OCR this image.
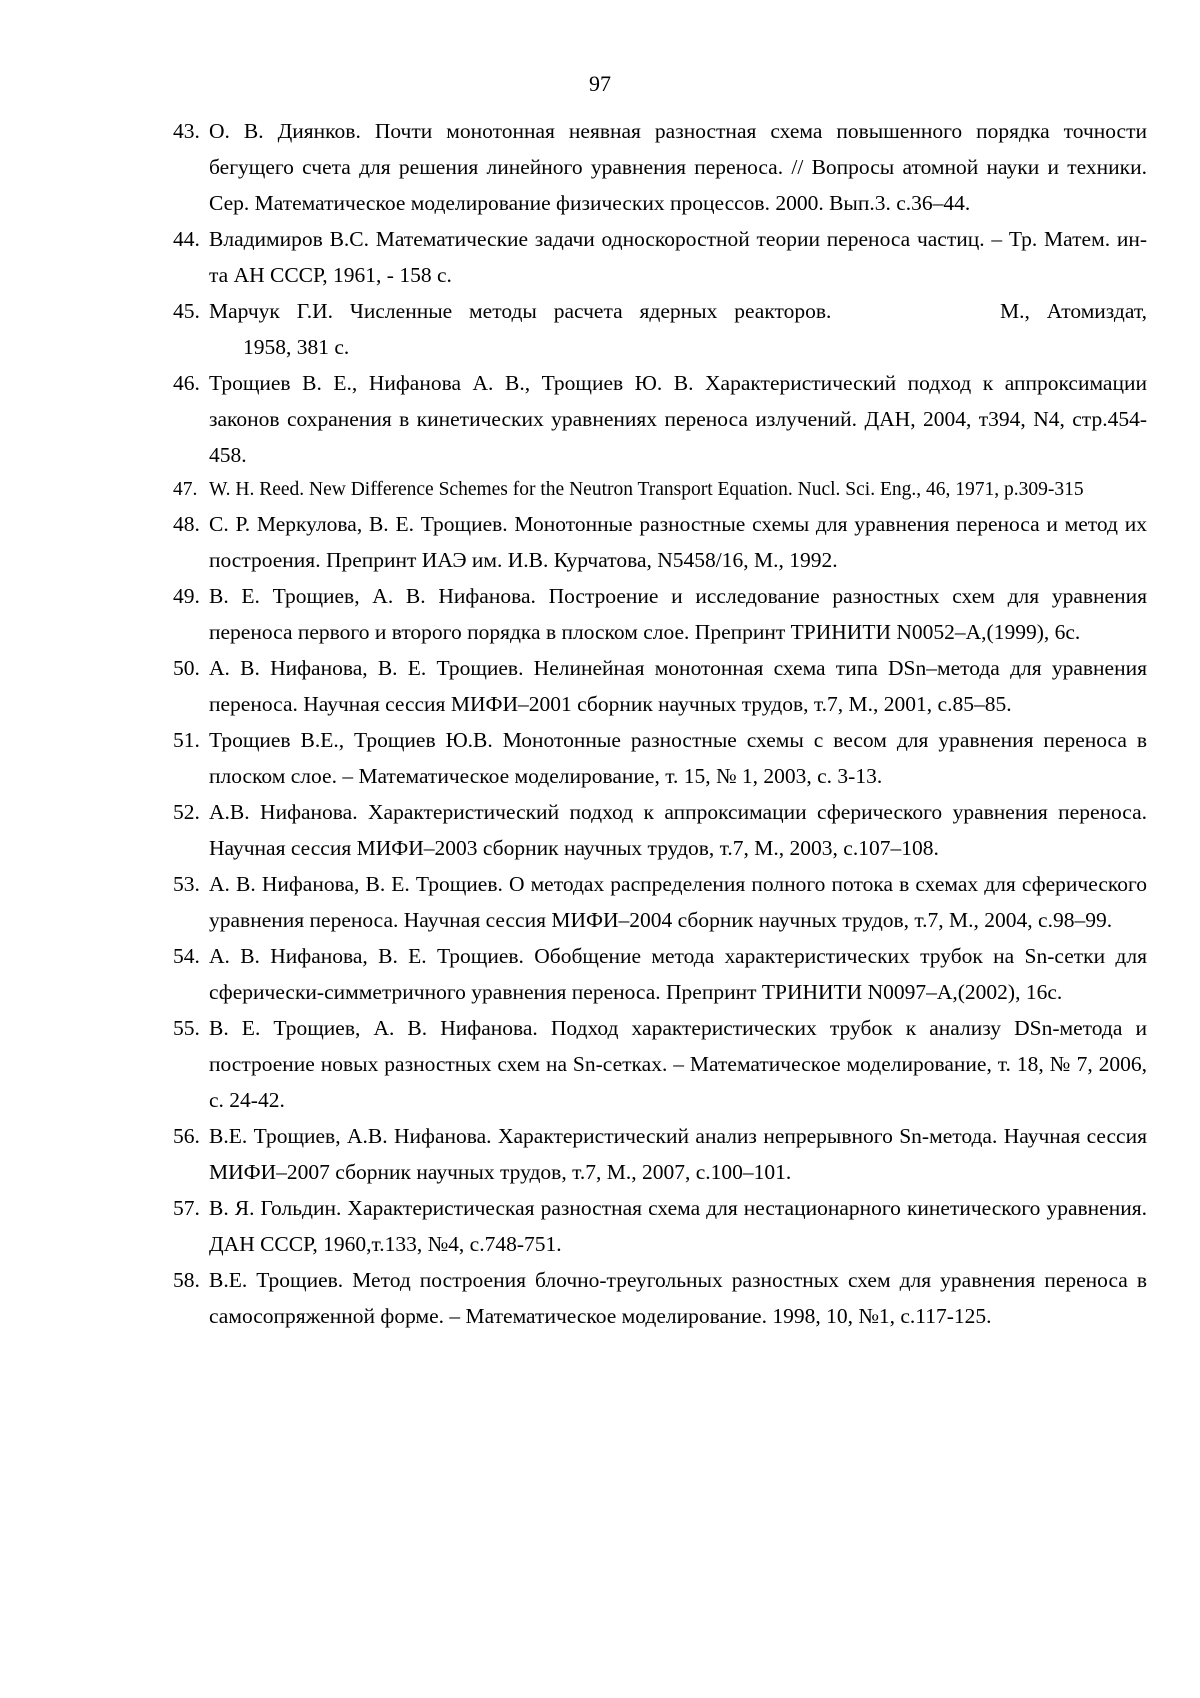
97
43. О. В. Диянков. Почти монотонная неявная разностная схема повышенного порядка точности бегущего счета для решения линейного уравнения переноса. // Вопросы атомной науки и техники. Сер. Математическое моделирование физических процессов. 2000. Вып.3. с.36–44.
44. Владимиров В.С. Математические задачи односкоростной теории переноса частиц. – Тр. Матем. ин-та АН СССР, 1961, - 158 с.
45. Марчук Г.И. Численные методы расчета ядерных реакторов.          М., Атомиздат,
1958, 381 с.
46. Трощиев В. Е., Нифанова А. В., Трощиев Ю. В. Характеристический подход к аппроксимации законов сохранения в кинетических уравнениях переноса излучений. ДАН, 2004, т394, N4, стр.454-458.
47. W. H. Reed. New Difference Schemes for the Neutron Transport Equation. Nucl. Sci. Eng., 46, 1971, p.309-315
48. С. Р. Меркулова, В. Е. Трощиев. Монотонные разностные схемы для уравнения переноса и метод их построения. Препринт ИАЭ им. И.В. Курчатова, N5458/16, М., 1992.
49. В. Е. Трощиев, А. В. Нифанова. Построение и исследование разностных схем для уравнения переноса первого и второго порядка в плоском слое. Препринт ТРИНИТИ N0052–А,(1999), 6с.
50. А. В. Нифанова, В. Е. Трощиев. Нелинейная монотонная схема типа DSn–метода для уравнения переноса. Научная сессия МИФИ–2001 сборник научных трудов, т.7, М., 2001, с.85–85.
51. Трощиев В.Е., Трощиев Ю.В. Монотонные разностные схемы с весом для уравнения переноса в плоском слое. – Математическое моделирование, т. 15, № 1, 2003, с. 3-13.
52. А.В. Нифанова. Характеристический подход к аппроксимации сферического уравнения переноса. Научная сессия МИФИ–2003 сборник научных трудов, т.7, М., 2003, с.107–108.
53. А. В. Нифанова, В. Е. Трощиев. О методах распределения полного потока в схемах для сферического уравнения переноса. Научная сессия МИФИ–2004 сборник научных трудов, т.7, М., 2004, с.98–99.
54. А. В. Нифанова, В. Е. Трощиев. Обобщение метода характеристических трубок на Sn-сетки для сферически-симметричного уравнения переноса. Препринт ТРИНИТИ N0097–А,(2002), 16с.
55. В. Е. Трощиев, А. В. Нифанова. Подход характеристических трубок к анализу DSn-метода и построение новых разностных схем на Sn-сетках. – Математическое моделирование, т. 18, № 7, 2006, с. 24-42.
56. В.Е. Трощиев, А.В. Нифанова. Характеристический анализ непрерывного Sn-метода. Научная сессия МИФИ–2007 сборник научных трудов, т.7, М., 2007, с.100–101.
57. В. Я. Гольдин. Характеристическая разностная схема для нестационарного кинетического уравнения. ДАН СССР, 1960,т.133, №4, с.748-751.
58. В.Е. Трощиев. Метод построения блочно-треугольных разностных схем для уравнения переноса в самосопряженной форме. – Математическое моделирование. 1998, 10, №1, с.117-125.
